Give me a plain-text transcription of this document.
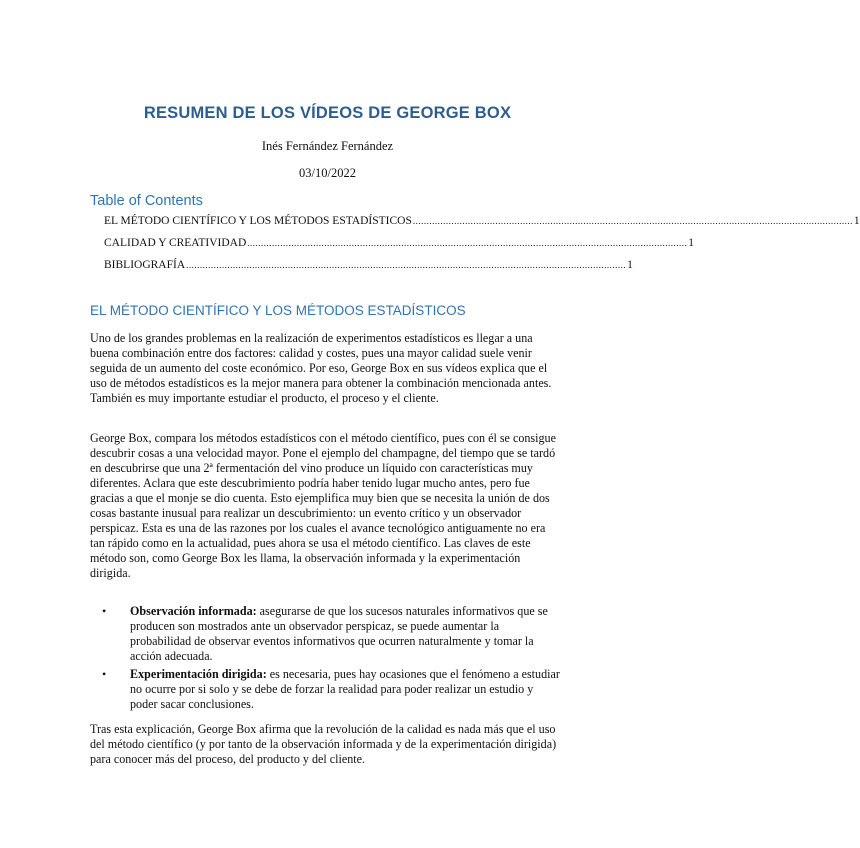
RESUMEN DE LOS VÍDEOS DE GEORGE BOX
Inés Fernández Fernández
03/10/2022
Table of Contents
EL MÉTODO CIENTÍFICO Y LOS MÉTODOS ESTADÍSTICOS ................................................................................................................................................................ 1
CALIDAD Y CREATIVIDAD ................................................................................................................................................................ 1
BIBLIOGRAFÍA ................................................................................................................................................................ 1
EL MÉTODO CIENTÍFICO Y LOS MÉTODOS ESTADÍSTICOS

Uno de los grandes problemas en la realización de experimentos estadísticos es llegar a una buena combinación entre dos factores: calidad y costes, pues una mayor calidad suele venir seguida de un aumento del coste económico. Por eso, George Box en sus vídeos explica que el uso de métodos estadísticos es la mejor manera para obtener la combinación mencionada antes. También es muy importante estudiar el producto, el proceso y el cliente.

George Box, compara los métodos estadísticos con el método científico, pues con él se consigue descubrir cosas a una velocidad mayor. Pone el ejemplo del champagne, del tiempo que se tardó en descubrirse que una 2ª fermentación del vino produce un líquido con características muy diferentes. Aclara que este descubrimiento podría haber tenido lugar mucho antes, pero fue gracias a que el monje se dio cuenta. Esto ejemplifica muy bien que se necesita la unión de dos cosas bastante inusual para realizar un descubrimiento: un evento crítico y un observador perspicaz. Esta es una de las razones por los cuales el avance tecnológico antiguamente no era tan rápido como en la actualidad, pues ahora se usa el método científico. Las claves de este método son, como George Box les llama, la observación informada y la experimentación dirigida.

• Observación informada: asegurarse de que los sucesos naturales informativos que se producen son mostrados ante un observador perspicaz, se puede aumentar la probabilidad de observar eventos informativos que ocurren naturalmente y tomar la acción adecuada.
• Experimentación dirigida: es necesaria, pues hay ocasiones que el fenómeno a estudiar no ocurre por si solo y se debe de forzar la realidad para poder realizar un estudio y poder sacar conclusiones.

Tras esta explicación, George Box afirma que la revolución de la calidad es nada más que el uso del método científico (y por tanto de la observación informada y de la experimentación dirigida) para conocer más del proceso, del producto y del cliente.
